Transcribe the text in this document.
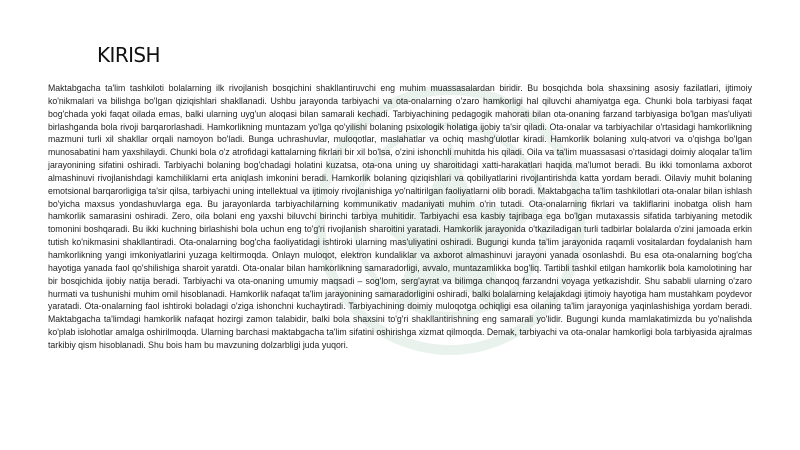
KIRISH

Maktabgacha ta'lim tashkiloti bolalarning ilk rivojlanish bosqichini shakllantiruvchi eng muhim muassasalardan biridir. Bu bosqichda bola shaxsining asosiy fazilatlari, ijtimoiy ko'nikmalari va bilishga bo'lgan qiziqishlari shakllanadi. Ushbu jarayonda tarbiyachi va ota-onalarning o'zaro hamkorligi hal qiluvchi ahamiyatga ega. Chunki bola tarbiyasi faqat bog'chada yoki faqat oilada emas, balki ularning uyg'un aloqasi bilan samarali kechadi. Tarbiyachining pedagogik mahorati bilan ota-onaning farzand tarbiyasiga bo'lgan mas'uliyati birlashganda bola rivoji barqarorlashadi. Hamkorlikning muntazam yo'lga qo'yilishi bolaning psixologik holatiga ijobiy ta'sir qiladi. Ota-onalar va tarbiyachilar o'rtasidagi hamkorlikning mazmuni turli xil shakllar orqali namoyon bo'ladi. Bunga uchrashuvlar, muloqotlar, maslahatlar va ochiq mashg'ulotlar kiradi. Hamkorlik bolaning xulq-atvori va o'qishga bo'lgan munosabatini ham yaxshilaydi. Chunki bola o'z atrofidagi kattalarning fikrlari bir xil bo'lsa, o'zini ishonchli muhitda his qiladi. Oila va ta'lim muassasasi o'rtasidagi doimiy aloqalar ta'lim jarayonining sifatini oshiradi. Tarbiyachi bolaning bog'chadagi holatini kuzatsa, ota-ona uning uy sharoitidagi xatti-harakatlari haqida ma'lumot beradi. Bu ikki tomonlama axborot almashinuvi rivojlanishdagi kamchiliklarni erta aniqlash imkonini beradi. Hamkorlik bolaning qiziqishlari va qobiliyatlarini rivojlantirishda katta yordam beradi. Oilaviy muhit bolaning emotsional barqarorligiga ta'sir qilsa, tarbiyachi uning intellektual va ijtimoiy rivojlanishiga yo'naltirilgan faoliyatlarni olib boradi. Maktabgacha ta'lim tashkilotlari ota-onalar bilan ishlash bo'yicha maxsus yondashuvlarga ega. Bu jarayonlarda tarbiyachilarning kommunikativ madaniyati muhim o'rin tutadi. Ota-onalarning fikrlari va takliflarini inobatga olish ham hamkorlik samarasini oshiradi. Zero, oila bolani eng yaxshi biluvchi birinchi tarbiya muhitidir. Tarbiyachi esa kasbiy tajribaga ega bo'lgan mutaxassis sifatida tarbiyaning metodik tomonini boshqaradi. Bu ikki kuchning birlashishi bola uchun eng to'g'ri rivojlanish sharoitini yaratadi. Hamkorlik jarayonida o'tkaziladigan turli tadbirlar bolalarda o'zini jamoada erkin tutish ko'nikmasini shakllantiradi. Ota-onalarning bog'cha faoliyatidagi ishtiroki ularning mas'uliyatini oshiradi. Bugungi kunda ta'lim jarayonida raqamli vositalardan foydalanish ham hamkorlikning yangi imkoniyatlarini yuzaga keltirmoqda. Onlayn muloqot, elektron kundaliklar va axborot almashinuvi jarayoni yanada osonlashdi. Bu esa ota-onalarning bog'cha hayotiga yanada faol qo'shilishiga sharoit yaratdi. Ota-onalar bilan hamkorlikning samaradorligi, avvalo, muntazamlikka bog'liq. Tartibli tashkil etilgan hamkorlik bola kamolotining har bir bosqichida ijobiy natija beradi. Tarbiyachi va ota-onaning umumiy maqsadi – sog'lom, serg'ayrat va bilimga chanqoq farzandni voyaga yetkazishdir. Shu sababli ularning o'zaro hurmati va tushunishi muhim omil hisoblanadi. Hamkorlik nafaqat ta'lim jarayonining samaradorligini oshiradi, balki bolalarning kelajakdagi ijtimoiy hayotiga ham mustahkam poydevor yaratadi. Ota-onalarning faol ishtiroki boladagi o'ziga ishonchni kuchaytiradi. Tarbiyachining doimiy muloqotga ochiqligi esa oilaning ta'lim jarayoniga yaqinlashishiga yordam beradi. Maktabgacha ta'limdagi hamkorlik nafaqat hozirgi zamon talabidir, balki bola shaxsini to'g'ri shakllantirishning eng samarali yo'lidir. Bugungi kunda mamlakatimizda bu yo'nalishda ko'plab islohotlar amalga oshirilmoqda. Ularning barchasi maktabgacha ta'lim sifatini oshirishga xizmat qilmoqda. Demak, tarbiyachi va ota-onalar hamkorligi bola tarbiyasida ajralmas tarkibiy qism hisoblanadi. Shu bois ham bu mavzuning dolzarbligi juda yuqori.
